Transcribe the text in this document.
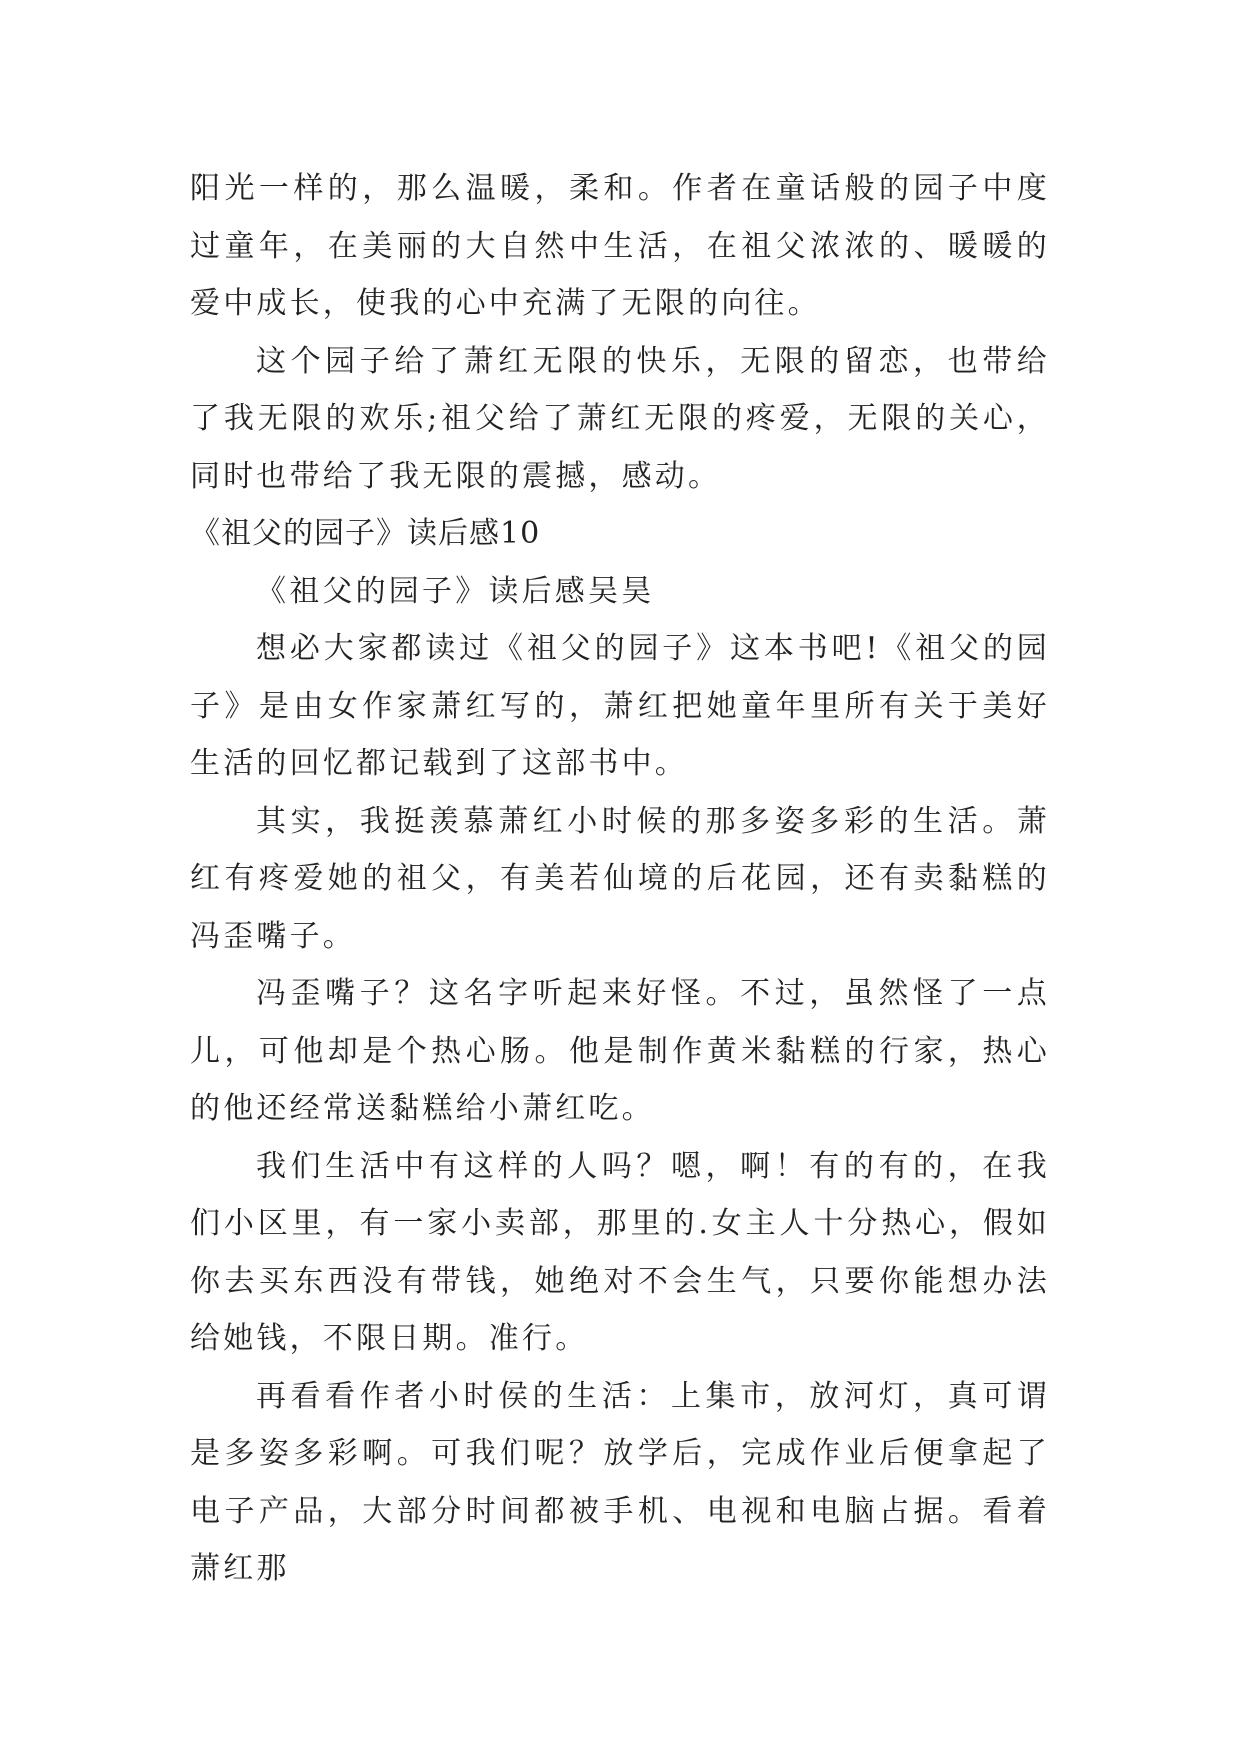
阳光一样的，那么温暖，柔和。作者在童话般的园子中度过童年，在美丽的大自然中生活，在祖父浓浓的、暖暖的爱中成长，使我的心中充满了无限的向往。

这个园子给了萧红无限的快乐，无限的留恋，也带给了我无限的欢乐;祖父给了萧红无限的疼爱，无限的关心，同时也带给了我无限的震撼，感动。

《祖父的园子》读后感10

《祖父的园子》读后感吴昊

想必大家都读过《祖父的园子》这本书吧!《祖父的园子》是由女作家萧红写的，萧红把她童年里所有关于美好生活的回忆都记载到了这部书中。

其实，我挺羡慕萧红小时候的那多姿多彩的生活。萧红有疼爱她的祖父，有美若仙境的后花园，还有卖黏糕的冯歪嘴子。

冯歪嘴子？这名字听起来好怪。不过，虽然怪了一点儿，可他却是个热心肠。他是制作黄米黏糕的行家，热心的他还经常送黏糕给小萧红吃。

我们生活中有这样的人吗？嗯，啊！有的有的，在我们小区里，有一家小卖部，那里的.女主人十分热心，假如你去买东西没有带钱，她绝对不会生气，只要你能想办法给她钱，不限日期。准行。

再看看作者小时侯的生活：上集市，放河灯，真可谓是多姿多彩啊。可我们呢？放学后，完成作业后便拿起了电子产品，大部分时间都被手机、电视和电脑占据。看着萧红那
